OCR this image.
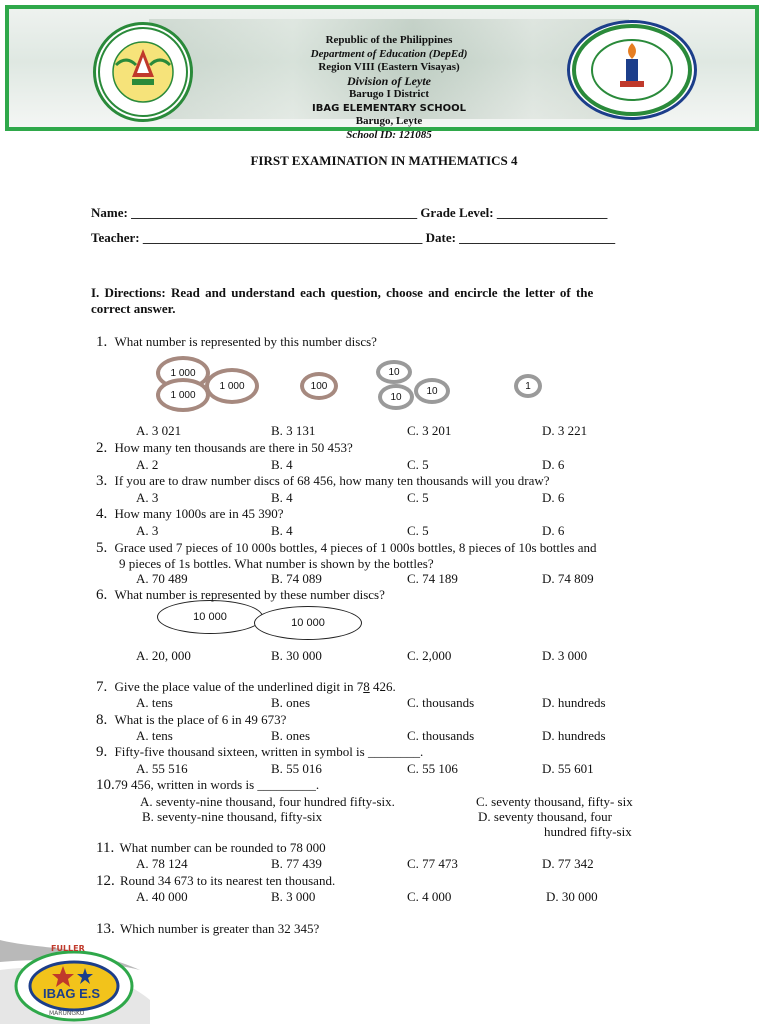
Republic of the Philippines
Department of Education (DepEd)
Region VIII (Eastern Visayas)
Division of Leyte
Barugo I District
IBAG ELEMENTARY SCHOOL
Barugo, Leyte
School ID: 121085
FIRST EXAMINATION IN MATHEMATICS 4
Name: ____________________________________________ Grade Level: _________________
Teacher: ___________________________________________ Date: ________________________
I. Directions: Read and understand each question, choose and encircle the letter of the
correct answer.
1. What number is represented by this number discs?
1 000
1 000
1 000	100
10
10
10	1
A. 3 021	B. 3 131	C. 3 201	D. 3 221
2. How many ten thousands are there in 50 453?
A. 2	B. 4	C. 5	D. 6
3. If you are to draw number discs of 68 456, how many ten thousands will you draw?
A. 3	B. 4	C. 5	D. 6
4. How many 1000s are in 45 390?
A. 3	B. 4	C. 5	D. 6
5. Grace used 7 pieces of 10 000s bottles, 4 pieces of 1 000s bottles, 8 pieces of 10s bottles and
9 pieces of 1s bottles. What number is shown by the bottles?
A. 70 489	B. 74 089	C. 74 189	D. 74 809
6. What number is represented by these number discs?
10 000	10 000
A. 20, 000	B. 30 000	C. 2,000	D. 3 000
7. Give the place value of the underlined digit in 78 426.
A. tens	B. ones	C. thousands	D. hundreds
8. What is the place of 6 in 49 673?
A. tens	B. ones	C. thousands	D. hundreds
9. Fifty-five thousand sixteen, written in symbol is ________.
A. 55 516	B. 55 016	C. 55 106	D. 55 601
10.79 456, written in words is _________.
A. seventy-nine thousand, four hundred fifty-six.
B. seventy-nine thousand, fifty-six
C. seventy thousand, fifty- six
D. seventy thousand, four
hundred fifty-six
11. What number can be rounded to 78 000
A. 78 124	B. 77 439	C. 77 473	D. 77 342
12. Round 34 673 to its nearest ten thousand.
A. 40 000	B. 3 000	C. 4 000	D. 30 000
13. Which number is greater than 32 345?
FULLER
IBAG E.S
MARUNGKO
